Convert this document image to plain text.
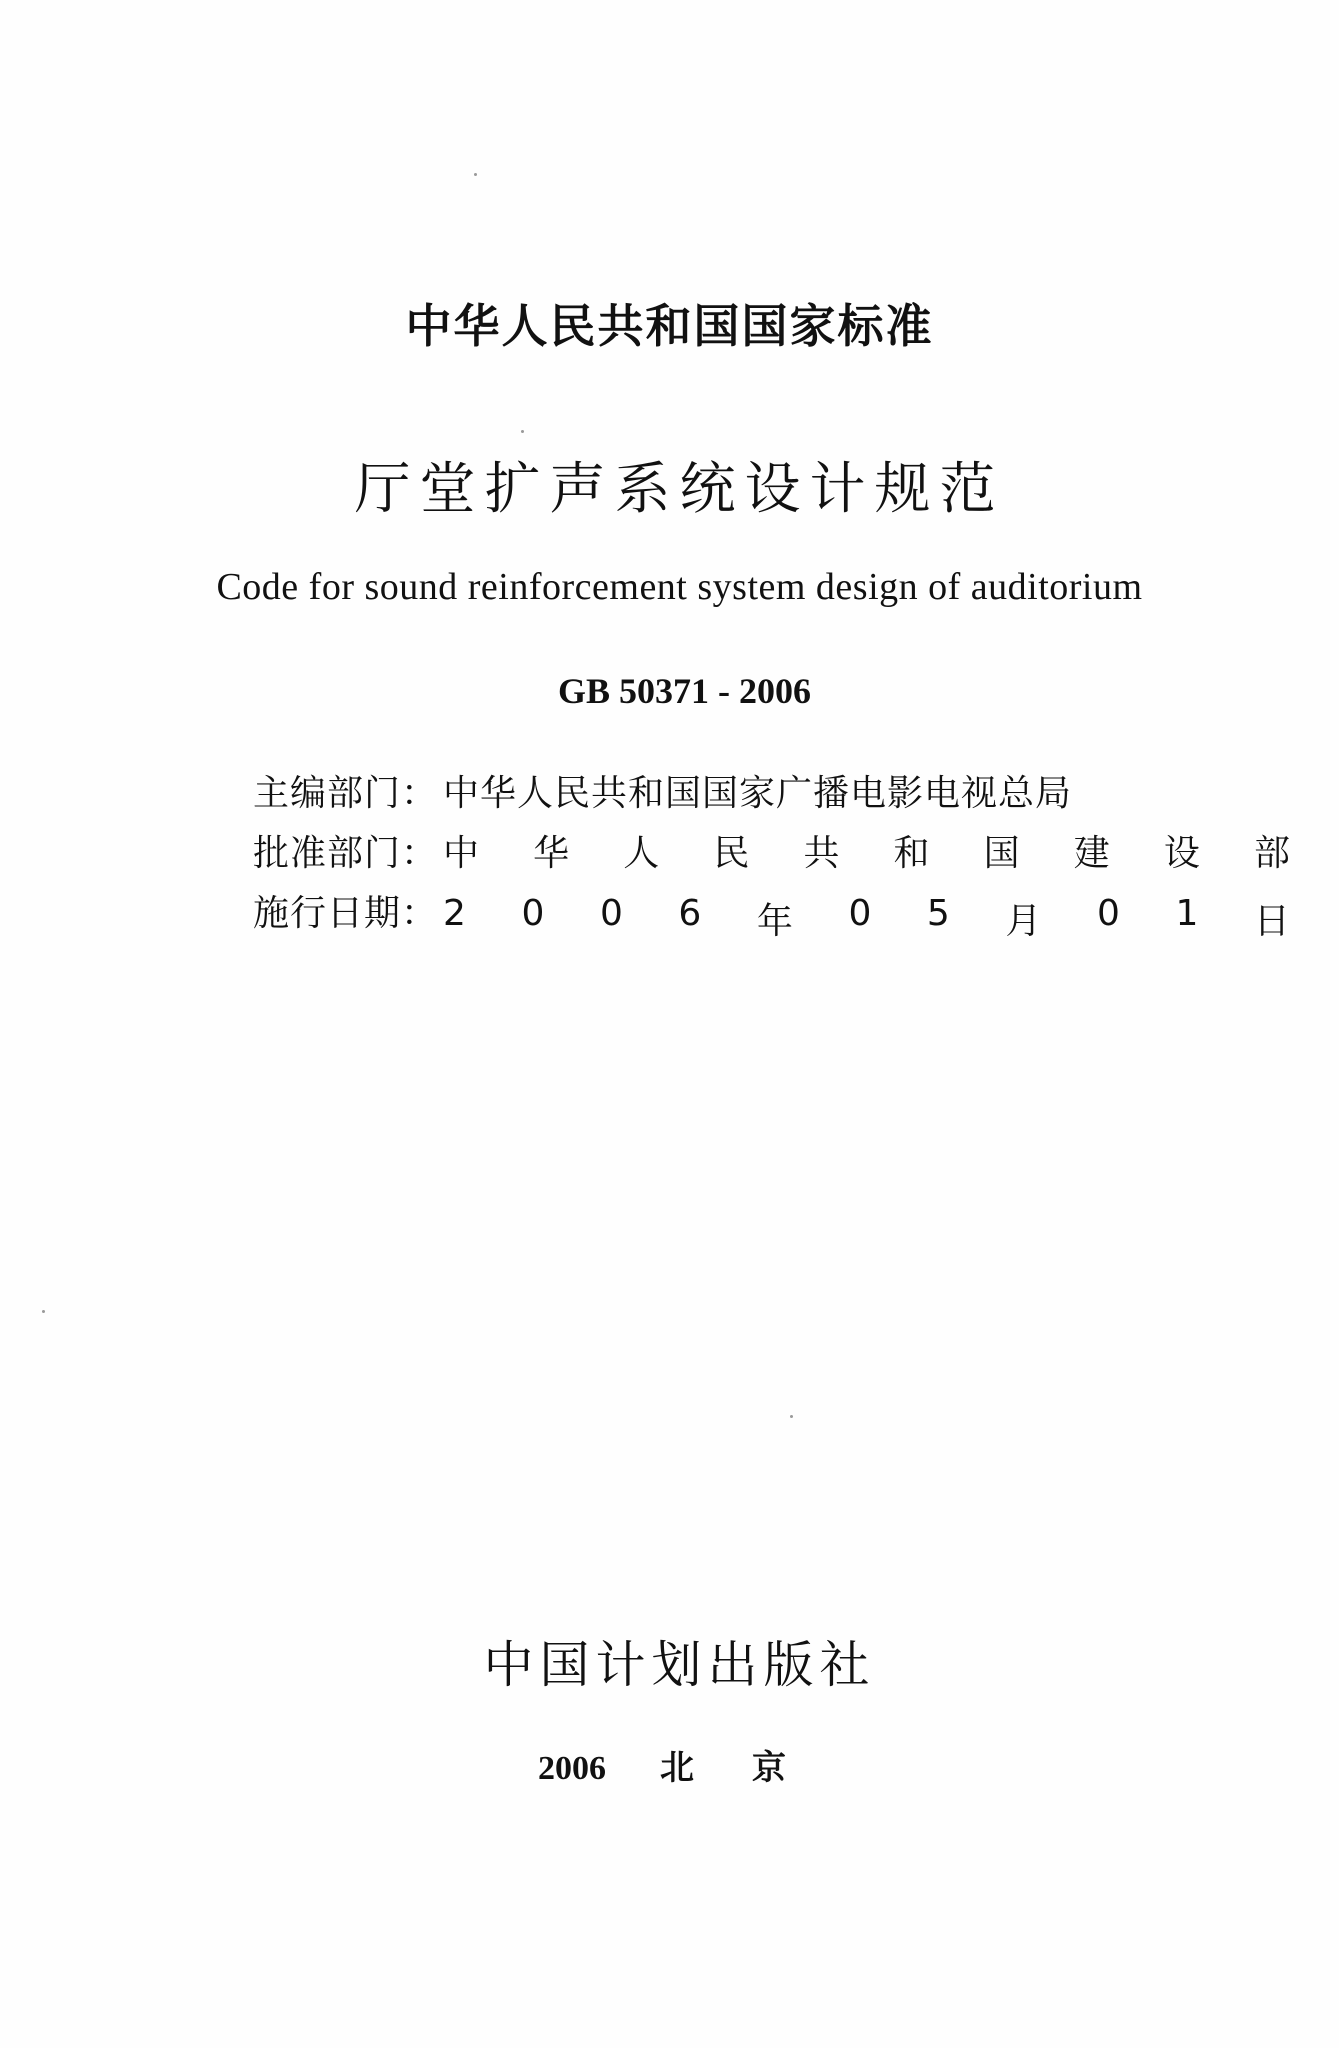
中华人民共和国国家标准
厅堂扩声系统设计规范
Code for sound reinforcement system design of auditorium
GB 50371 - 2006
主编部门： 中华人民共和国国家广播电影电视总局
批准部门： 中 华 人 民 共 和 国 建 设 部
施行日期： 2 0 0 6 年 0 5 月 0 1 日
中国计划出版社
2006	北京
